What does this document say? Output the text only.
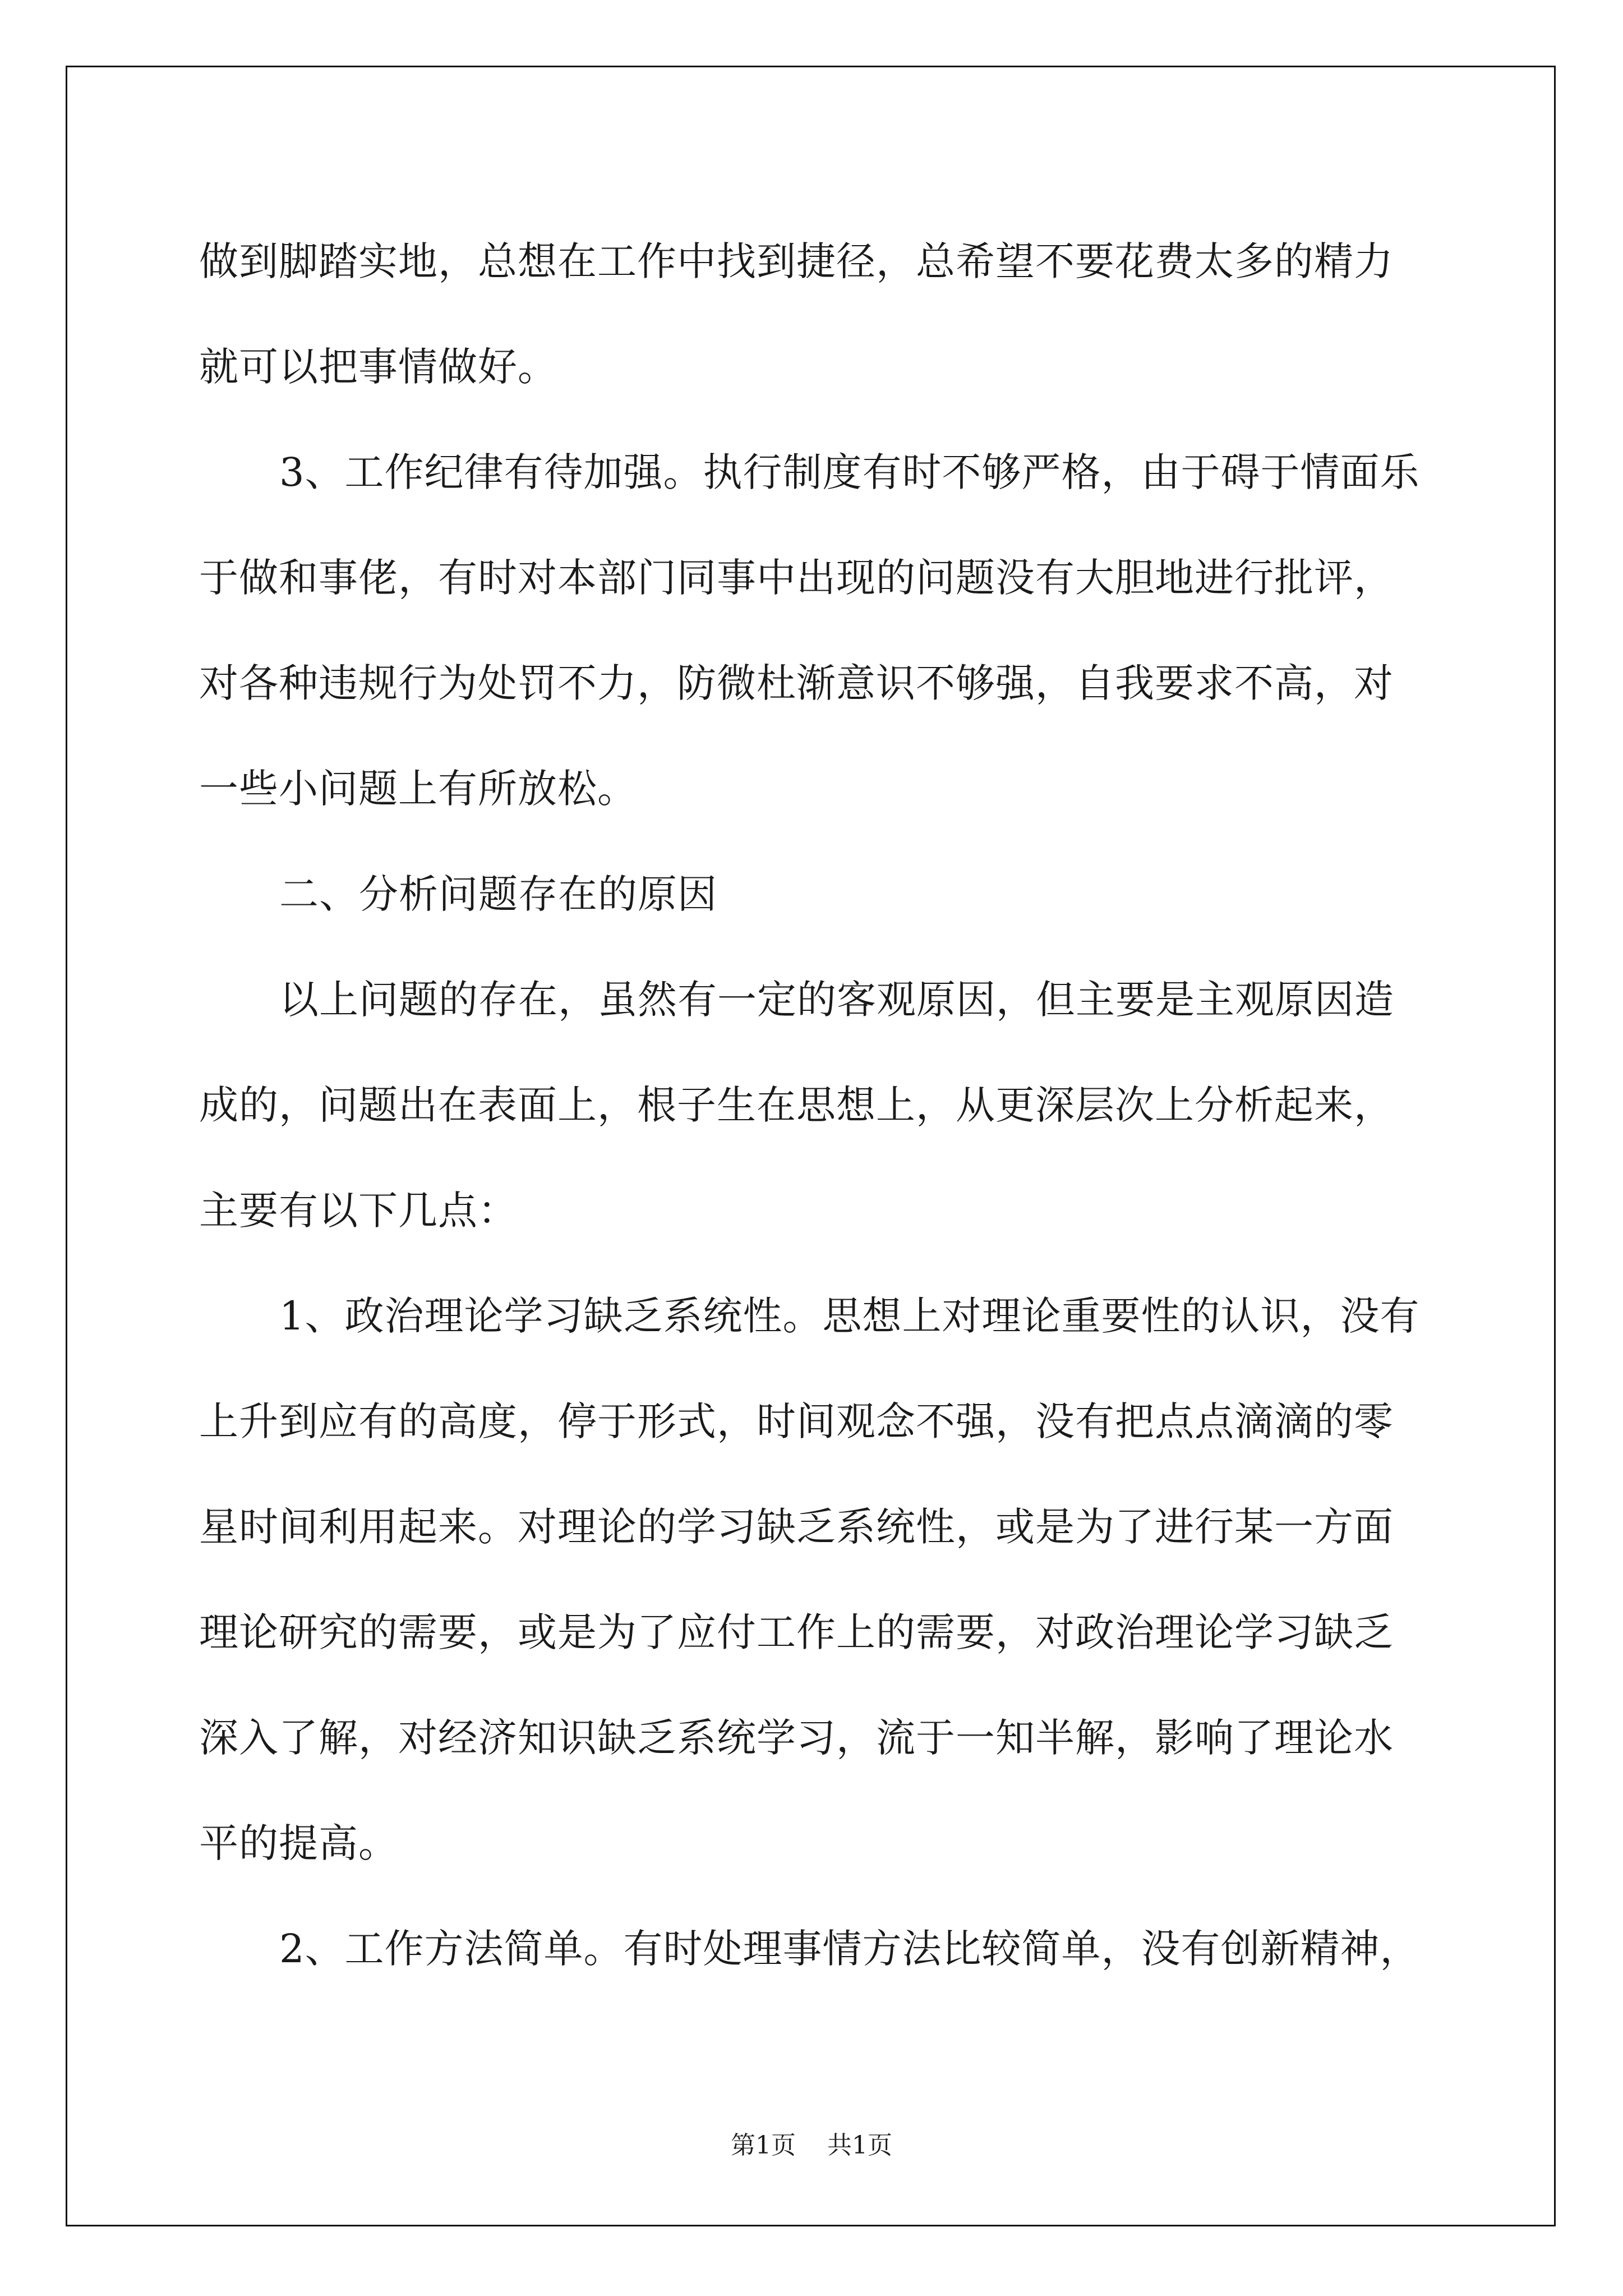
做到脚踏实地，总想在工作中找到捷径，总希望不要花费太多的精力
就可以把事情做好。
3、工作纪律有待加强。执行制度有时不够严格，由于碍于情面乐
于做和事佬，有时对本部门同事中出现的问题没有大胆地进行批评，
对各种违规行为处罚不力，防微杜渐意识不够强，自我要求不高，对
一些小问题上有所放松。
二、分析问题存在的原因
以上问题的存在，虽然有一定的客观原因，但主要是主观原因造
成的，问题出在表面上，根子生在思想上，从更深层次上分析起来，
主要有以下几点：
1、政治理论学习缺乏系统性。思想上对理论重要性的认识，没有
上升到应有的高度，停于形式，时间观念不强，没有把点点滴滴的零
星时间利用起来。对理论的学习缺乏系统性，或是为了进行某一方面
理论研究的需要，或是为了应付工作上的需要，对政治理论学习缺乏
深入了解，对经济知识缺乏系统学习，流于一知半解，影响了理论水
平的提高。
2、工作方法简单。有时处理事情方法比较简单，没有创新精神，
第1页 共1页
